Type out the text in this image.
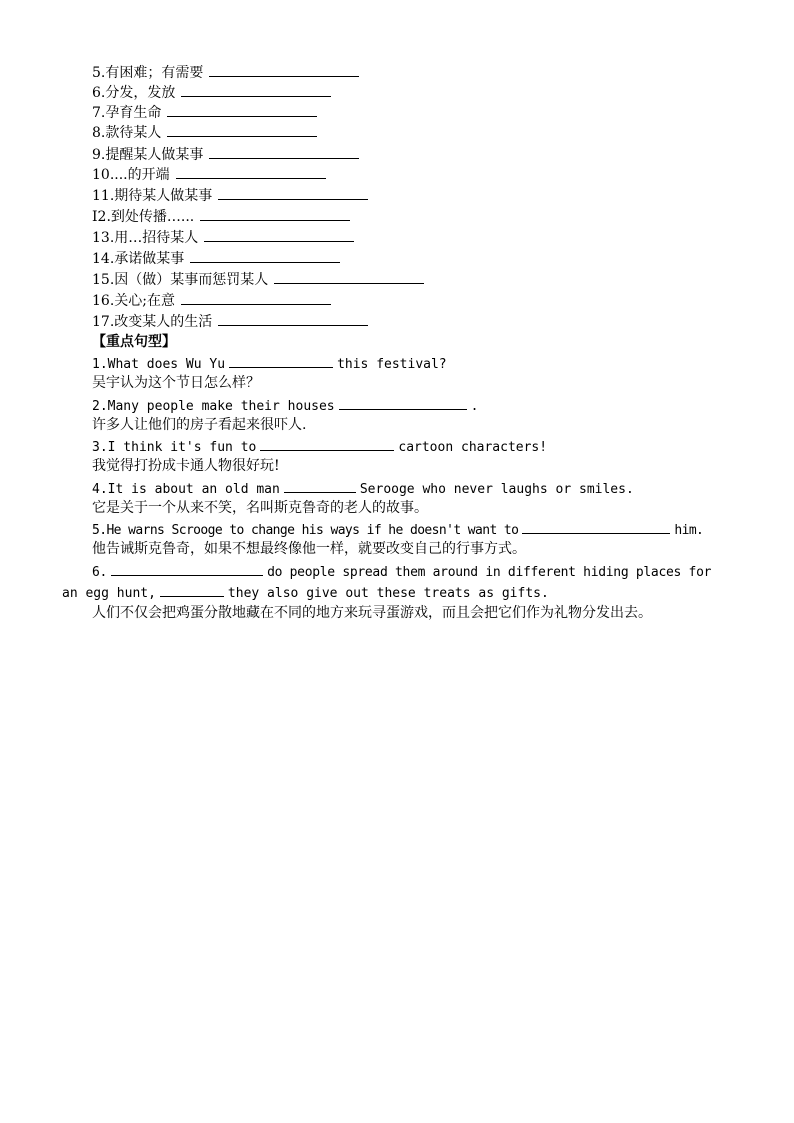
5.有困难；有需要
6.分发，发放
7.孕育生命
8.款待某人
9.提醒某人做某事
10....的开端
11.期待某人做某事
I2.到处传播…...
13.用…招待某人
14.承诺做某事
15.因（做）某事而惩罚某人
16.关心;在意
17.改变某人的生活
【重点句型】
1.What does Wu Yu	this festival?
吴宇认为这个节日怎么样？
2.Many people make their houses	.
许多人让他们的房子看起来很吓人.
3.I think it's fun to	cartoon characters!
我觉得打扮成卡通人物很好玩!
4.It is about an old man	Serooge who never laughs or smiles.
它是关于一个从来不笑，名叫斯克鲁奇的老人的故事。
5.He warns Scrooge to change his ways if he doesn't want to	him.
他告诫斯克鲁奇，如果不想最终像他一样，就要改变自己的行事方式。
6.	do people spread them around in different hiding places for
an egg hunt,	they also give out these treats as gifts.
人们不仅会把鸡蛋分散地藏在不同的地方来玩寻蛋游戏，而且会把它们作为礼物分发出去。
